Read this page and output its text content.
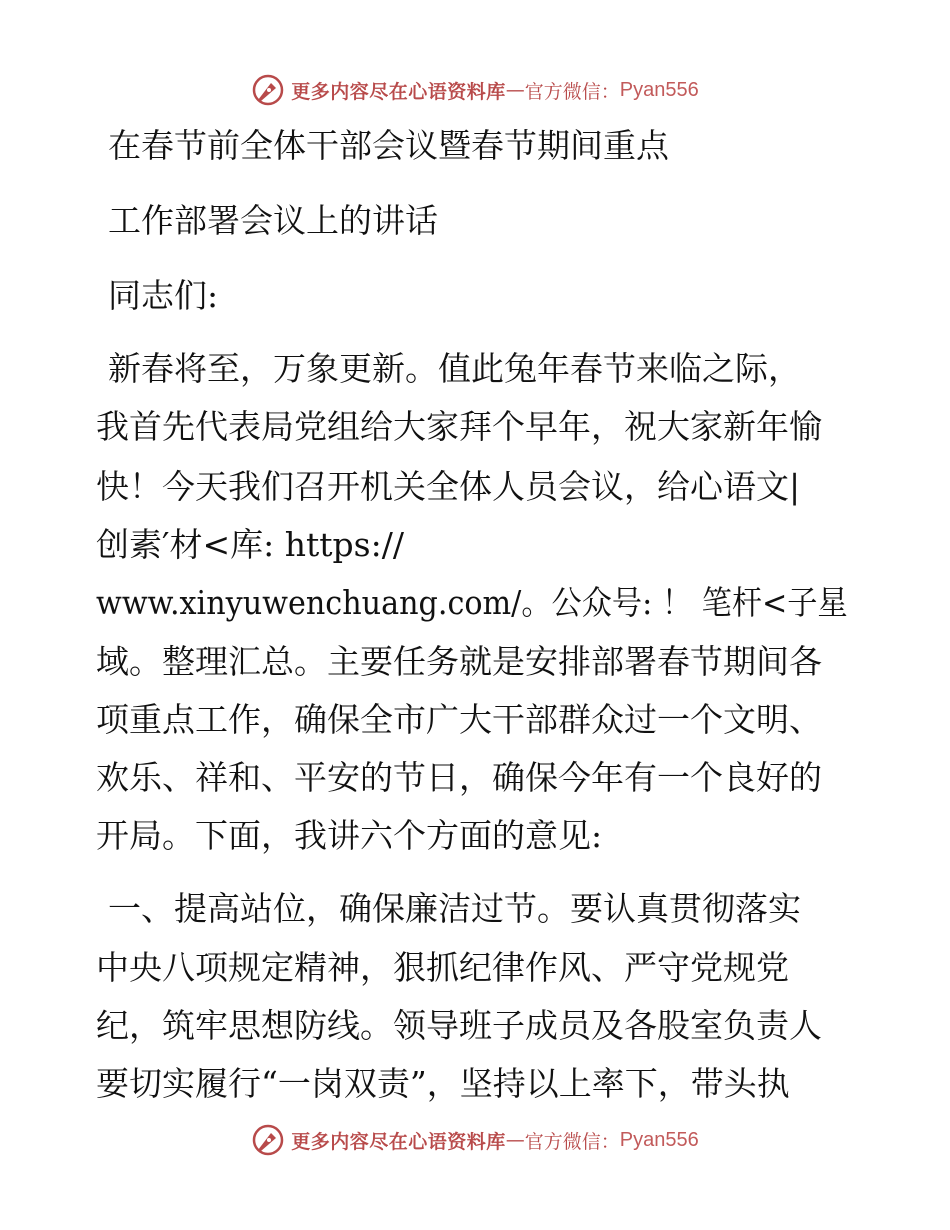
更多内容尽在心语资料库 — 官方微信： Pyan556
在春节前全体干部会议暨春节期间重点
工作部署会议上的讲话
同志们:
新春将至，万象更新。值此兔年春节来临之际，
我首先代表局党组给大家拜个早年，祝大家新年愉
快！今天我们召开机关全体人员会议，给心语文|
创素′材<库: https://
www.xinyuwenchuang.com/。公众号: ！ 笔杆<子星
域。整理汇总。主要任务就是安排部署春节期间各
项重点工作，确保全市广大干部群众过一个文明、
欢乐、祥和、平安的节日，确保今年有一个良好的
开局。下面，我讲六个方面的意见:
一、提高站位，确保廉洁过节。要认真贯彻落实
中央八项规定精神，狠抓纪律作风、严守党规党
纪，筑牢思想防线。领导班子成员及各股室负责人
要切实履行“一岗双责”，坚持以上率下，带头执
更多内容尽在心语资料库 — 官方微信： Pyan556
